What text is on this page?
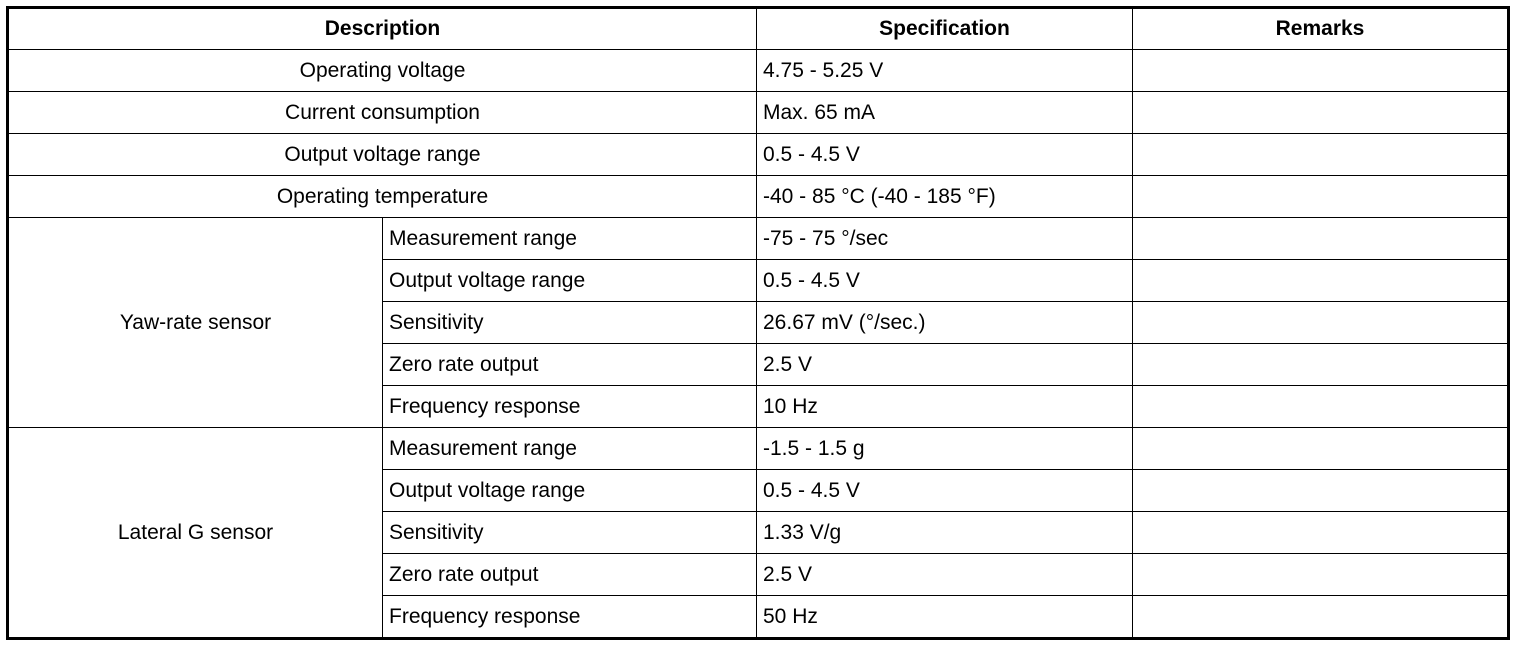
Description		Specification	Remarks
Operating voltage		4.75 - 5.25 V	
Current consumption		Max. 65 mA	
Output voltage range		0.5 - 4.5 V	
Operating temperature		-40 - 85 °C (-40 - 185 °F)	
Yaw-rate sensor	Measurement range	-75 - 75 °/sec	
	Output voltage range	0.5 - 4.5 V	
	Sensitivity	26.67 mV (°/sec.)	
	Zero rate output	2.5 V	
	Frequency response	10 Hz	
Lateral G sensor	Measurement range	-1.5 - 1.5 g	
	Output voltage range	0.5 - 4.5 V	
	Sensitivity	1.33 V/g	
	Zero rate output	2.5 V	
	Frequency response	50 Hz	
